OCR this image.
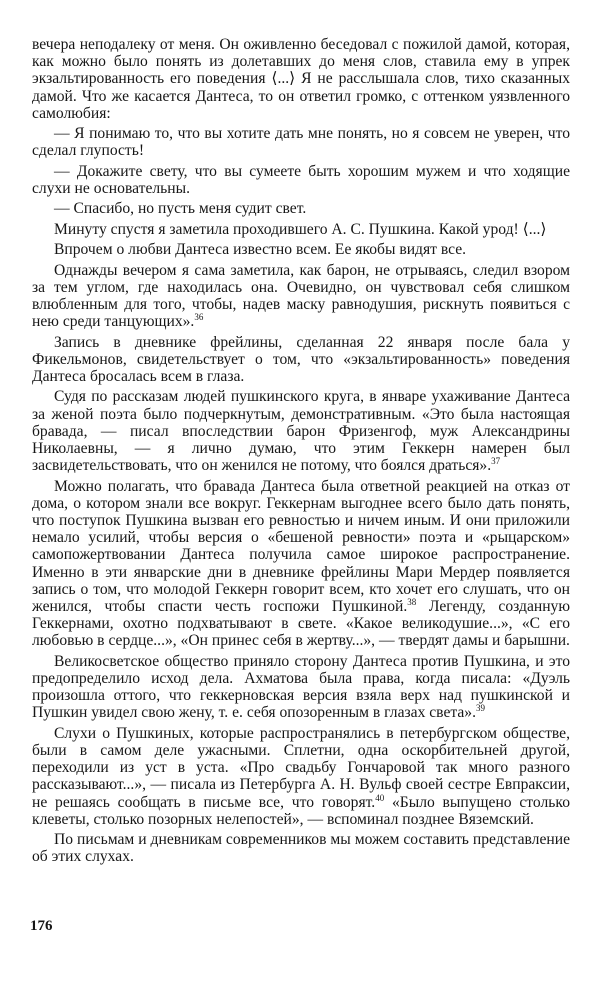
вечера неподалеку от меня. Он оживленно беседовал с пожилой дамой, которая, как можно было понять из долетавших до меня слов, ставила ему в упрек экзальтированность его поведения ⟨...⟩ Я не расслышала слов, тихо сказанных дамой. Что же касается Дантеса, то он ответил громко, с оттенком уязвленного самолюбия:

— Я понимаю то, что вы хотите дать мне понять, но я совсем не уверен, что сделал глупость!

— Докажите свету, что вы сумеете быть хорошим мужем и что ходящие слухи не основательны.

— Спасибо, но пусть меня судит свет.

Минуту спустя я заметила проходившего А. С. Пушкина. Какой урод! ⟨...⟩

Впрочем о любви Дантеса известно всем. Ее якобы видят все.

Однажды вечером я сама заметила, как барон, не отрываясь, следил взором за тем углом, где находилась она. Очевидно, он чувствовал себя слишком влюбленным для того, чтобы, надев маску равнодушия, рискнуть появиться с нею среди танцующих».$^{36}$

Запись в дневнике фрейлины, сделанная 22 января после бала у Фикельмонов, свидетельствует о том, что «экзальтированность» поведения Дантеса бросалась всем в глаза.

Судя по рассказам людей пушкинского круга, в январе ухаживание Дантеса за женой поэта было подчеркнутым, демонстративным. «Это была настоящая бравада, — писал впоследствии барон Фризенгоф, муж Александрины Николаевны, — я лично думаю, что этим Геккерн намерен был засвидетельствовать, что он женился не потому, что боялся драться».$^{37}$

Можно полагать, что бравада Дантеса была ответной реакцией на отказ от дома, о котором знали все вокруг. Геккернам выгоднее всего было дать понять, что поступок Пушкина вызван его ревностью и ничем иным. И они приложили немало усилий, чтобы версия о «бешеной ревности» поэта и «рыцарском» самопожертвовании Дантеса получила самое широкое распространение. Именно в эти январские дни в дневнике фрейлины Мари Мердер появляется запись о том, что молодой Геккерн говорит всем, кто хочет его слушать, что он женился, чтобы спасти честь госпожи Пушкиной.$^{38}$ Легенду, созданную Геккернами, охотно подхватывают в свете. «Какое великодушие...», «С его любовью в сердце...», «Он принес себя в жертву...», — твердят дамы и барышни.

Великосветское общество приняло сторону Дантеса против Пушкина, и это предопределило исход дела. Ахматова была права, когда писала: «Дуэль произошла оттого, что геккерновская версия взяла верх над пушкинской и Пушкин увидел свою жену, т. е. себя опозоренным в глазах света».$^{39}$

Слухи о Пушкиных, которые распространялись в петербургском обществе, были в самом деле ужасными. Сплетни, одна оскорбительней другой, переходили из уст в уста. «Про свадьбу Гончаровой так много разного рассказывают...», — писала из Петербурга А. Н. Вульф своей сестре Евпраксии, не решаясь сообщать в письме все, что говорят.$^{40}$ «Было выпущено столько клеветы, столько позорных нелепостей», — вспоминал позднее Вяземский.

По письмам и дневникам современников мы можем составить представление об этих слухах.

176
